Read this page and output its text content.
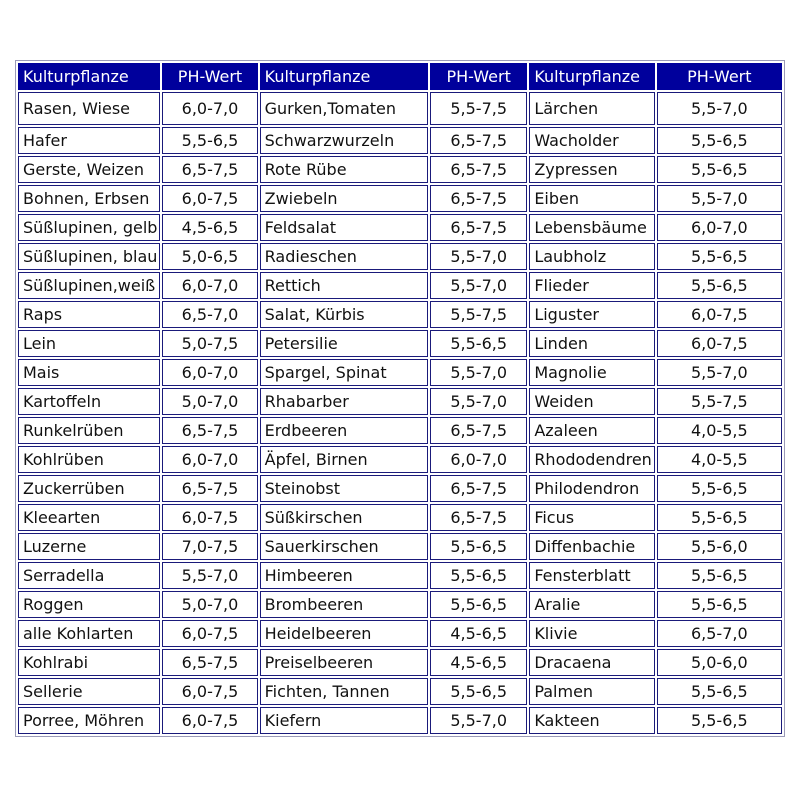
Kulturpflanze	PH-Wert	Kulturpflanze	PH-Wert	Kulturpflanze	PH-Wert
Rasen, Wiese	6,0-7,0	Gurken,Tomaten	5,5-7,5	Lärchen	5,5-7,0
Hafer	5,5-6,5	Schwarzwurzeln	6,5-7,5	Wacholder	5,5-6,5
Gerste, Weizen	6,5-7,5	Rote Rübe	6,5-7,5	Zypressen	5,5-6,5
Bohnen, Erbsen	6,0-7,5	Zwiebeln	6,5-7,5	Eiben	5,5-7,0
Süßlupinen, gelb	4,5-6,5	Feldsalat	6,5-7,5	Lebensbäume	6,0-7,0
Süßlupinen, blau	5,0-6,5	Radieschen	5,5-7,0	Laubholz	5,5-6,5
Süßlupinen,weiß	6,0-7,0	Rettich	5,5-7,0	Flieder	5,5-6,5
Raps	6,5-7,0	Salat, Kürbis	5,5-7,5	Liguster	6,0-7,5
Lein	5,0-7,5	Petersilie	5,5-6,5	Linden	6,0-7,5
Mais	6,0-7,0	Spargel, Spinat	5,5-7,0	Magnolie	5,5-7,0
Kartoffeln	5,0-7,0	Rhabarber	5,5-7,0	Weiden	5,5-7,5
Runkelrüben	6,5-7,5	Erdbeeren	6,5-7,5	Azaleen	4,0-5,5
Kohlrüben	6,0-7,0	Äpfel, Birnen	6,0-7,0	Rhododendren	4,0-5,5
Zuckerrüben	6,5-7,5	Steinobst	6,5-7,5	Philodendron	5,5-6,5
Kleearten	6,0-7,5	Süßkirschen	6,5-7,5	Ficus	5,5-6,5
Luzerne	7,0-7,5	Sauerkirschen	5,5-6,5	Diffenbachie	5,5-6,0
Serradella	5,5-7,0	Himbeeren	5,5-6,5	Fensterblatt	5,5-6,5
Roggen	5,0-7,0	Brombeeren	5,5-6,5	Aralie	5,5-6,5
alle Kohlarten	6,0-7,5	Heidelbeeren	4,5-6,5	Klivie	6,5-7,0
Kohlrabi	6,5-7,5	Preiselbeeren	4,5-6,5	Dracaena	5,0-6,0
Sellerie	6,0-7,5	Fichten, Tannen	5,5-6,5	Palmen	5,5-6,5
Porree, Möhren	6,0-7,5	Kiefern	5,5-7,0	Kakteen	5,5-6,5
